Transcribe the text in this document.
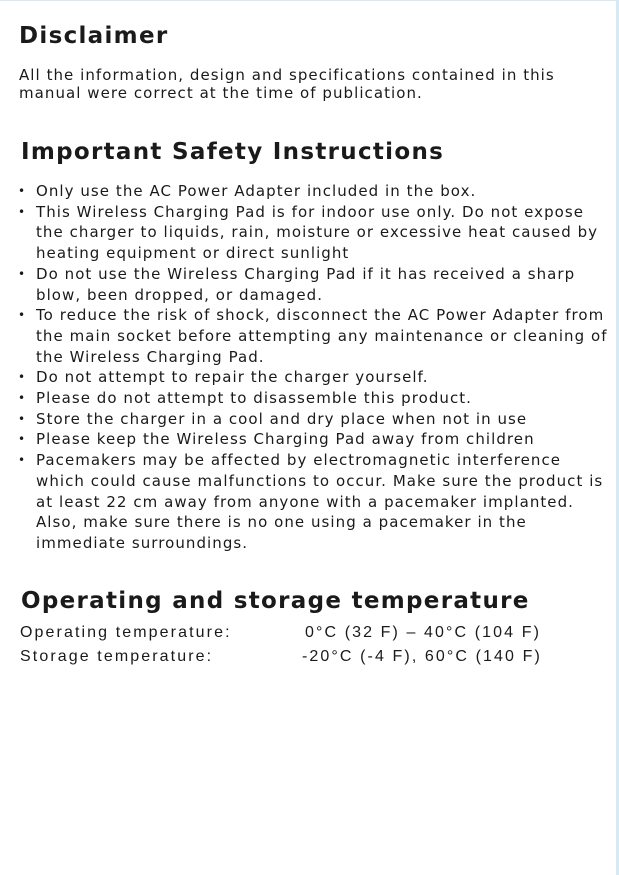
Disclaimer

All the information, design and specifications contained in this manual were correct at the time of publication.

Important Safety Instructions
• Only use the AC Power Adapter included in the box.
• This Wireless Charging Pad is for indoor use only. Do not expose the charger to liquids, rain, moisture or excessive heat caused by heating equipment or direct sunlight
• Do not use the Wireless Charging Pad if it has received a sharp blow, been dropped, or damaged.
• To reduce the risk of shock, disconnect the AC Power Adapter from the main socket before attempting any maintenance or cleaning of the Wireless Charging Pad.
• Do not attempt to repair the charger yourself.
• Please do not attempt to disassemble this product.
• Store the charger in a cool and dry place when not in use
• Please keep the Wireless Charging Pad away from children
• Pacemakers may be affected by electromagnetic interference which could cause malfunctions to occur. Make sure the product is at least 22 cm away from anyone with a pacemaker implanted. Also, make sure there is no one using a pacemaker in the immediate surroundings.
Operating and storage temperature
Operating temperature:	0°C (32 F) – 40°C (104 F)
Storage temperature:	-20°C (-4 F), 60°C (140 F)
